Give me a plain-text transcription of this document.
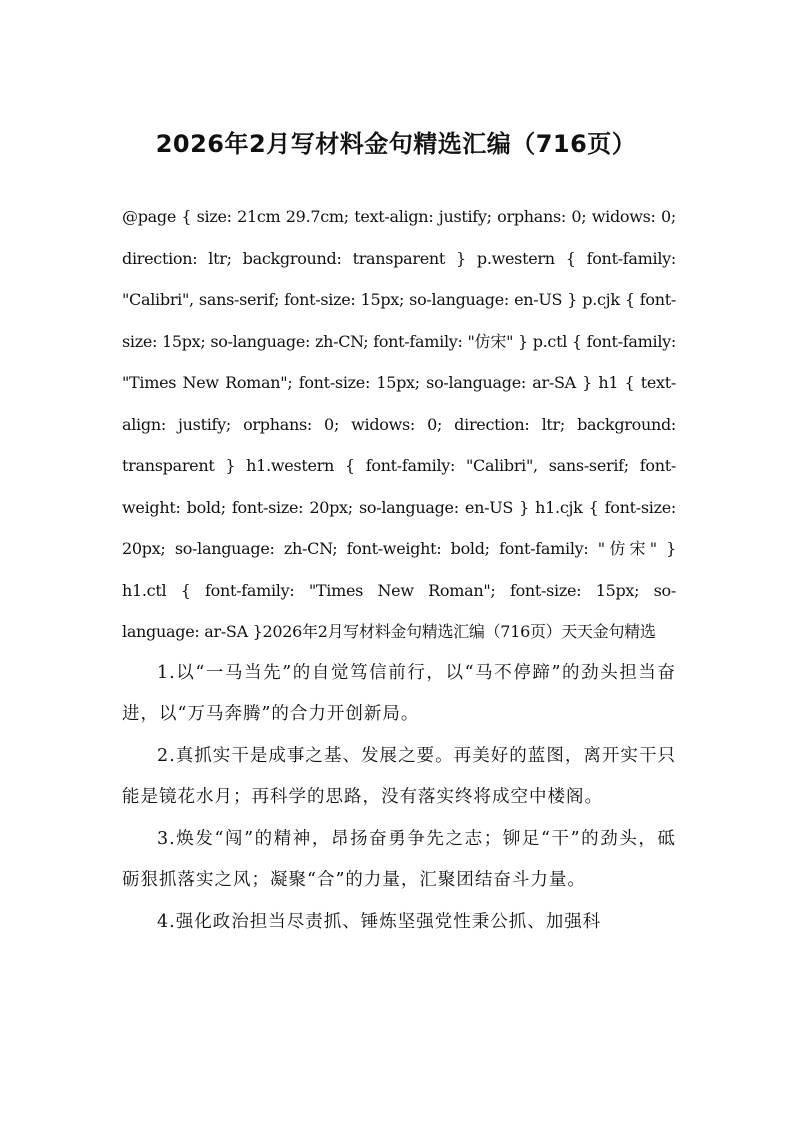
2026年2月写材料金句精选汇编（716页）

@page { size: 21cm 29.7cm; text-align: justify; orphans: 0; widows: 0; direction: ltr; background: transparent } p.western { font-family: "Calibri", sans-serif; font-size: 15px; so-language: en-US } p.cjk { font-size: 15px; so-language: zh-CN; font-family: "仿宋" } p.ctl { font-family: "Times New Roman"; font-size: 15px; so-language: ar-SA } h1 { text-align: justify; orphans: 0; widows: 0; direction: ltr; background: transparent } h1.western { font-family: "Calibri", sans-serif; font-weight: bold; font-size: 20px; so-language: en-US } h1.cjk { font-size: 20px; so-language: zh-CN; font-weight: bold; font-family: "仿宋" } h1.ctl { font-family: "Times New Roman"; font-size: 15px; so-language: ar-SA }2026年2月写材料金句精选汇编（716页）天天金句精选

1.以“一马当先”的自觉笃信前行，以“马不停蹄”的劲头担当奋进，以“万马奔腾”的合力开创新局。

2.真抓实干是成事之基、发展之要。再美好的蓝图，离开实干只能是镜花水月；再科学的思路，没有落实终将成空中楼阁。

3.焕发“闯”的精神，昂扬奋勇争先之志；铆足“干”的劲头，砥砺狠抓落实之风；凝聚“合”的力量，汇聚团结奋斗力量。

4.强化政治担当尽责抓、锤炼坚强党性秉公抓、加强科
